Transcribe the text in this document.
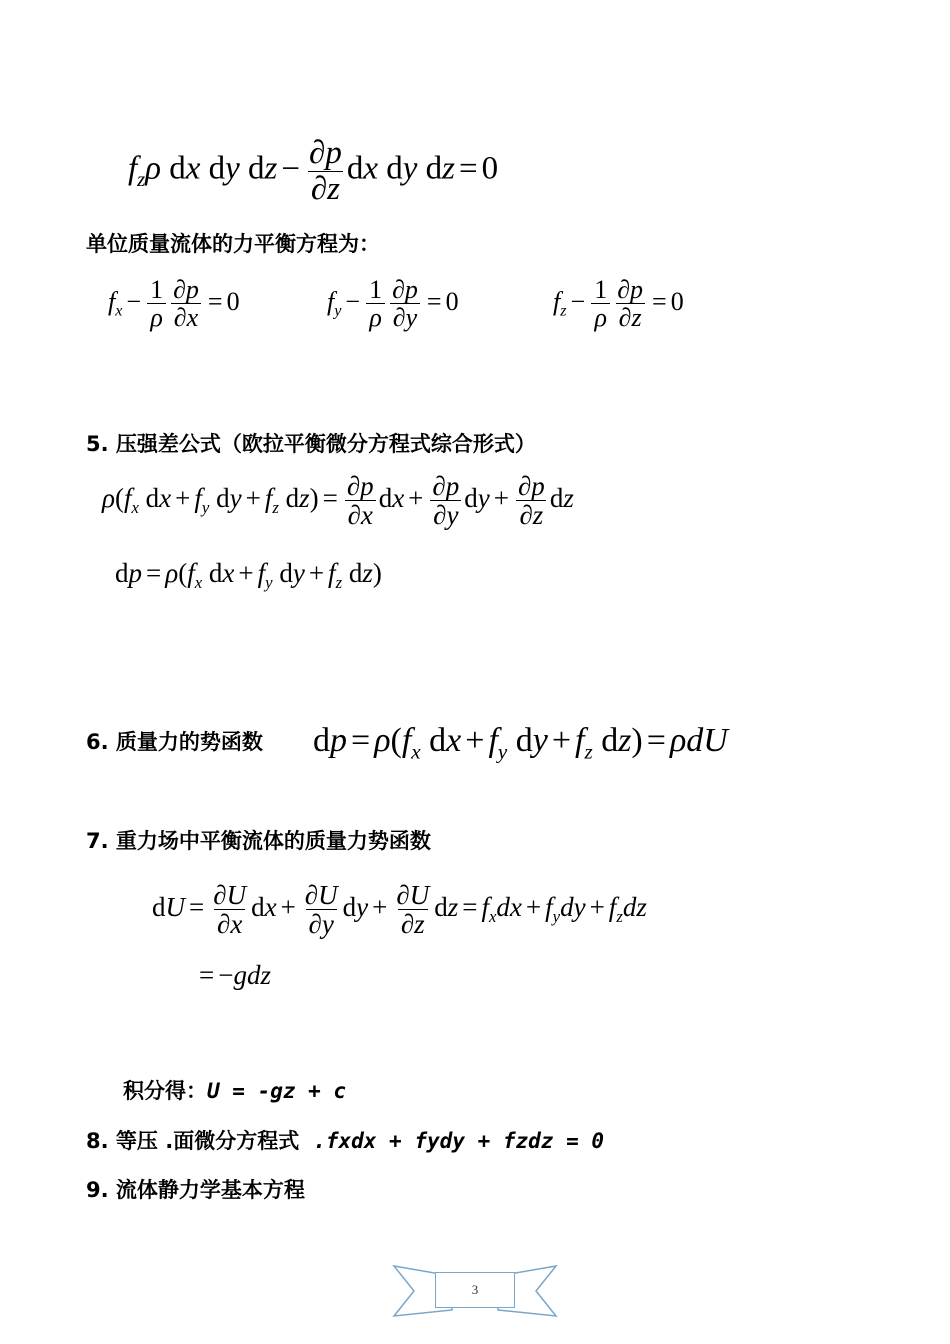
$f_z\rho$ dx dy dz − $\frac{\partial p}{\partial z}$ dx dy dz = 0
单位质量流体的力平衡方程为：
$f_x - \frac{1}{\rho} \frac{\partial p}{\partial x} = 0$	$f_y - \frac{1}{\rho} \frac{\partial p}{\partial y} = 0$	$f_z - \frac{1}{\rho} \frac{\partial p}{\partial z} = 0$
5. 压强差公式（欧拉平衡微分方程式综合形式）
$\rho(f_x$ dx + $f_y$ dy + $f_z$ $dz) = \frac{\partial p}{\partial x}$ dx + $\frac{\partial p}{\partial y}$ dy + $\frac{\partial p}{\partial z}$ dz
dp = $\rho(f_x$ dx + $f_y$ dy + $f_z$ dz)
6. 质量力的势函数 dp = $\rho(f_x$ dx + $f_y$ dy + $f_z$ dz) = ρdU
7. 重力场中平衡流体的质量力势函数
dU = $\frac{\partial U}{\partial x}$ dx + $\frac{\partial U}{\partial y}$ dy + $\frac{\partial U}{\partial z}$ dz = $f_xdx + f_ydy + f_zdz$
= −gdz
积分得：U = -gz + c
8. 等压 .面微分方程式 .fxdx + fydy + fzdz = 0
9. 流体静力学基本方程
3
